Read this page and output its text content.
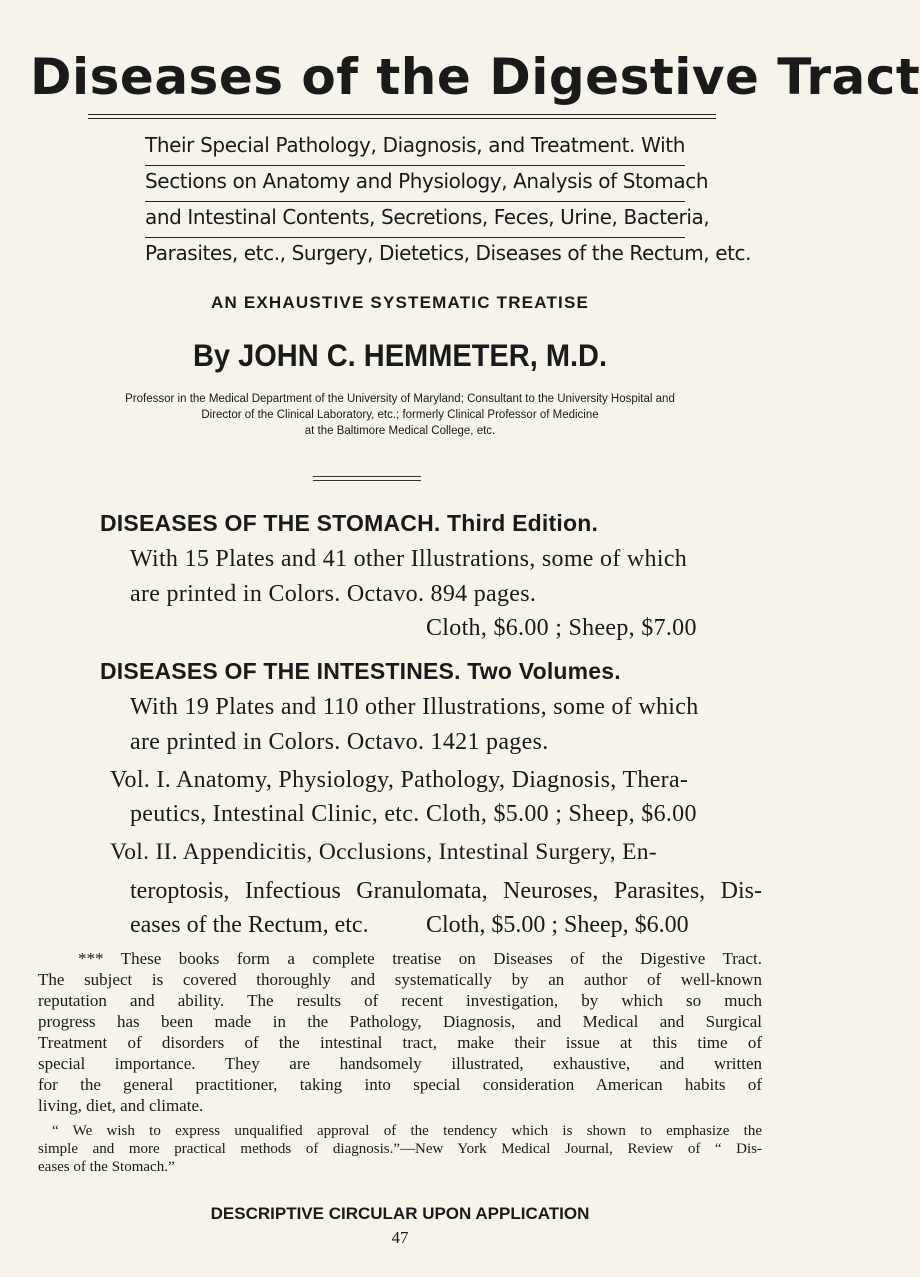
Diseases of the Digestive Tract
Their Special Pathology, Diagnosis, and Treatment. With
Sections on Anatomy and Physiology, Analysis of Stomach
and Intestinal Contents, Secretions, Feces, Urine, Bacteria,
Parasites, etc., Surgery, Dietetics, Diseases of the Rectum, etc.
AN EXHAUSTIVE SYSTEMATIC TREATISE
By JOHN C. HEMMETER, M.D.
Professor in the Medical Department of the University of Maryland; Consultant to the University Hospital and
Director of the Clinical Laboratory, etc.; formerly Clinical Professor of Medicine
at the Baltimore Medical College, etc.
DISEASES OF THE STOMACH. Third Edition.
With 15 Plates and 41 other Illustrations, some of which
are printed in Colors. Octavo. 894 pages.
Cloth, $6.00 ; Sheep, $7.00
DISEASES OF THE INTESTINES. Two Volumes.
With 19 Plates and 110 other Illustrations, some of which
are printed in Colors. Octavo. 1421 pages.
Vol. I. Anatomy, Physiology, Pathology, Diagnosis, Thera-
peutics, Intestinal Clinic, etc. Cloth, $5.00 ; Sheep, $6.00
Vol. II. Appendicitis, Occlusions, Intestinal Surgery, En-
teroptosis, Infectious Granulomata, Neuroses, Parasites, Dis-
eases of the Rectum, etc. Cloth, $5.00 ; Sheep, $6.00
*** These books form a complete treatise on Diseases of the Digestive Tract.
The subject is covered thoroughly and systematically by an author of well-known
reputation and ability. The results of recent investigation, by which so much
progress has been made in the Pathology, Diagnosis, and Medical and Surgical
Treatment of disorders of the intestinal tract, make their issue at this time of
special importance. They are handsomely illustrated, exhaustive, and written
for the general practitioner, taking into special consideration American habits of
living, diet, and climate.
“ We wish to express unqualified approval of the tendency which is shown to emphasize the
simple and more practical methods of diagnosis.”—New York Medical Journal, Review of “ Dis-
eases of the Stomach.”
DESCRIPTIVE CIRCULAR UPON APPLICATION
47
